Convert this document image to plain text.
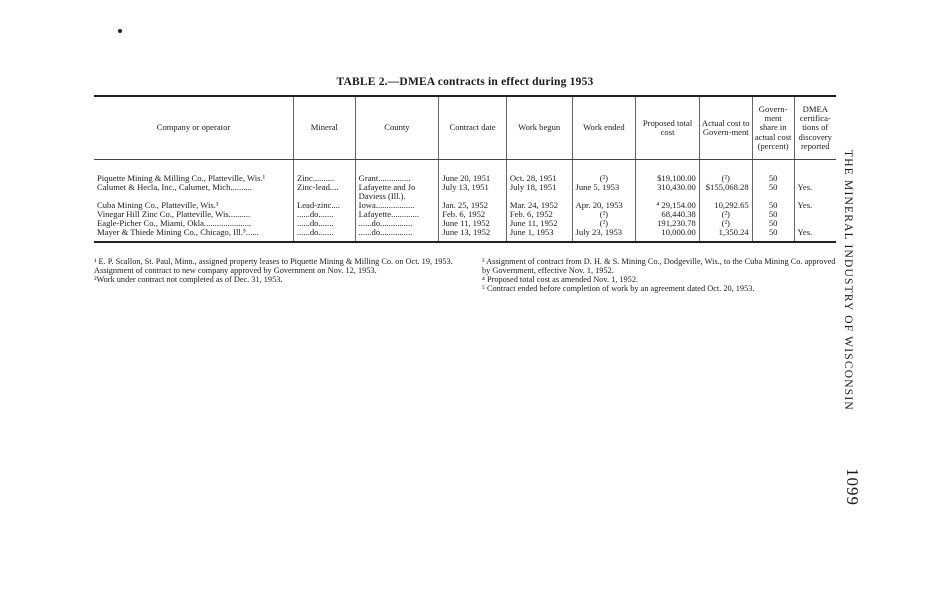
TABLE 2.—DMEA contracts in effect during 1953
Company or operator	Mineral	County	Contract date	Work begun	Work ended	Proposed total cost	Actual cost to Govern-ment	Govern-ment share in actual cost (percent)	DMEA certifica-tions of discovery reported

Piquette Mining & Milling Co., Platteville, Wis.¹	Zinc..........	Grant...............	June 20, 1951	Oct. 28, 1951	(²)	$19,100.00	(²)	50	
Calumet & Hecla, Inc., Calumet, Mich..........	Zinc-lead....	Lafayette and Jo Daviess (Ill.).	July 13, 1951	July 18, 1951	June 5, 1953	310,430.00	$155,068.28	50	Yes.
Cuba Mining Co., Platteville, Wis.³	Lead-zinc....	Iowa..................	Jan. 25, 1952	Mar. 24, 1952	Apr. 20, 1953	⁴ 29,154.00	10,292.65	50	Yes.
Vinegar Hill Zinc Co., Platteville, Wis..........	......do.......	Lafayette.............	Feb. 6, 1952	Feb. 6, 1952	(²)	68,440.38	(²)	50	
Eagle-Picher Co., Miami, Okla......................	......do.......	......do...............	June 11, 1952	June 11, 1952	(²)	191,230.78	(²)	50	
Mayer & Thiede Mining Co., Chicago, Ill.⁵......	......do.......	......do...............	June 13, 1952	June 1, 1953	July 23, 1953	10,000.00	1,350.24	50	Yes.

¹ E. P. Scallon, St. Paul, Minn., assigned property leases to Piquette Mining & Milling Co. on Oct. 19, 1953. Assignment of contract to new company approved by Government on Nov. 12, 1953.

²Work under contract not completed as of Dec. 31, 1953.

³ Assignment of contract from D. H. & S. Mining Co., Dodgeville, Wis., to the Cuba Mining Co. approved by Government, effective Nov. 1, 1952.

⁴ Proposed total cost as amended Nov. 1, 1952.

⁵ Contract ended before completion of work by an agreement dated Oct. 20, 1953.	THE MINERAL INDUSTRY OF WISCONSIN
1099
